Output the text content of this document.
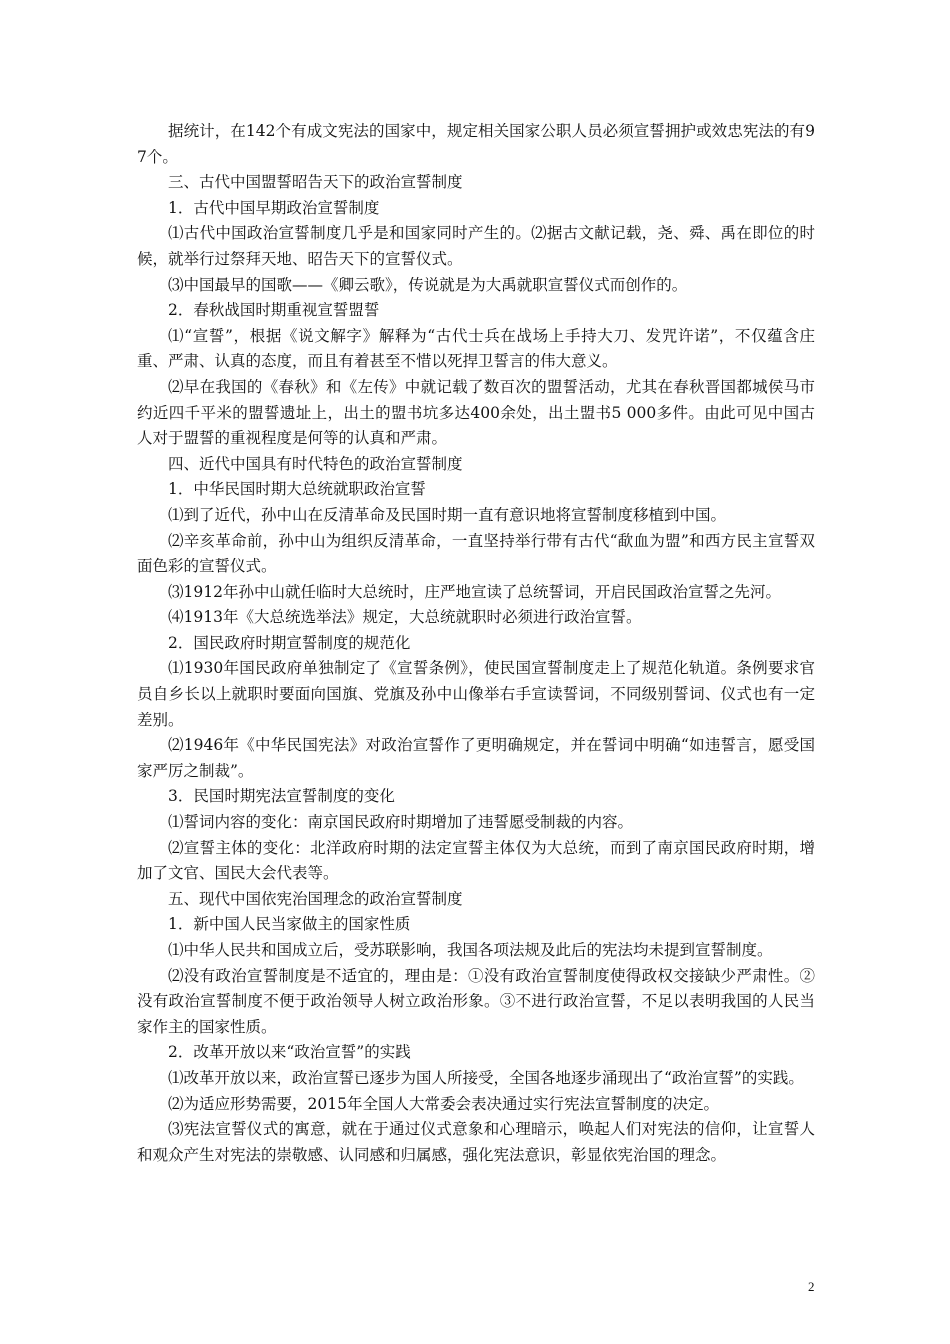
据统计，在142个有成文宪法的国家中，规定相关国家公职人员必须宣誓拥护或效忠宪法的有97个。

三、古代中国盟誓昭告天下的政治宣誓制度

1．古代中国早期政治宣誓制度

⑴古代中国政治宣誓制度几乎是和国家同时产生的。⑵据古文献记载，尧、舜、禹在即位的时候，就举行过祭拜天地、昭告天下的宣誓仪式。

⑶中国最早的国歌——《卿云歌》，传说就是为大禹就职宣誓仪式而创作的。

2．春秋战国时期重视宣誓盟誓

⑴“宣誓”，根据《说文解字》解释为“古代士兵在战场上手持大刀、发咒许诺”，不仅蕴含庄重、严肃、认真的态度，而且有着甚至不惜以死捍卫誓言的伟大意义。

⑵早在我国的《春秋》和《左传》中就记载了数百次的盟誓活动，尤其在春秋晋国都城侯马市约近四千平米的盟誓遗址上，出土的盟书坑多达400余处，出土盟书5 000多件。由此可见中国古人对于盟誓的重视程度是何等的认真和严肃。

四、近代中国具有时代特色的政治宣誓制度

1．中华民国时期大总统就职政治宣誓

⑴到了近代，孙中山在反清革命及民国时期一直有意识地将宣誓制度移植到中国。

⑵辛亥革命前，孙中山为组织反清革命，一直坚持举行带有古代“歃血为盟”和西方民主宣誓双面色彩的宣誓仪式。

⑶1912年孙中山就任临时大总统时，庄严地宣读了总统誓词，开启民国政治宣誓之先河。

⑷1913年《大总统选举法》规定，大总统就职时必须进行政治宣誓。

2．国民政府时期宣誓制度的规范化

⑴1930年国民政府单独制定了《宣誓条例》，使民国宣誓制度走上了规范化轨道。条例要求官员自乡长以上就职时要面向国旗、党旗及孙中山像举右手宣读誓词，不同级别誓词、仪式也有一定差别。

⑵1946年《中华民国宪法》对政治宣誓作了更明确规定，并在誓词中明确“如违誓言，愿受国家严厉之制裁”。

3．民国时期宪法宣誓制度的变化

⑴誓词内容的变化：南京国民政府时期增加了违誓愿受制裁的内容。

⑵宣誓主体的变化：北洋政府时期的法定宣誓主体仅为大总统，而到了南京国民政府时期，增加了文官、国民大会代表等。

五、现代中国依宪治国理念的政治宣誓制度

1．新中国人民当家做主的国家性质

⑴中华人民共和国成立后，受苏联影响，我国各项法规及此后的宪法均未提到宣誓制度。

⑵没有政治宣誓制度是不适宜的，理由是：①没有政治宣誓制度使得政权交接缺少严肃性。②没有政治宣誓制度不便于政治领导人树立政治形象。③不进行政治宣誓，不足以表明我国的人民当家作主的国家性质。

2．改革开放以来“政治宣誓”的实践

⑴改革开放以来，政治宣誓已逐步为国人所接受，全国各地逐步涌现出了“政治宣誓”的实践。

⑵为适应形势需要，2015年全国人大常委会表决通过实行宪法宣誓制度的决定。

⑶宪法宣誓仪式的寓意，就在于通过仪式意象和心理暗示，唤起人们对宪法的信仰，让宣誓人和观众产生对宪法的崇敬感、认同感和归属感，强化宪法意识，彰显依宪治国的理念。

2
